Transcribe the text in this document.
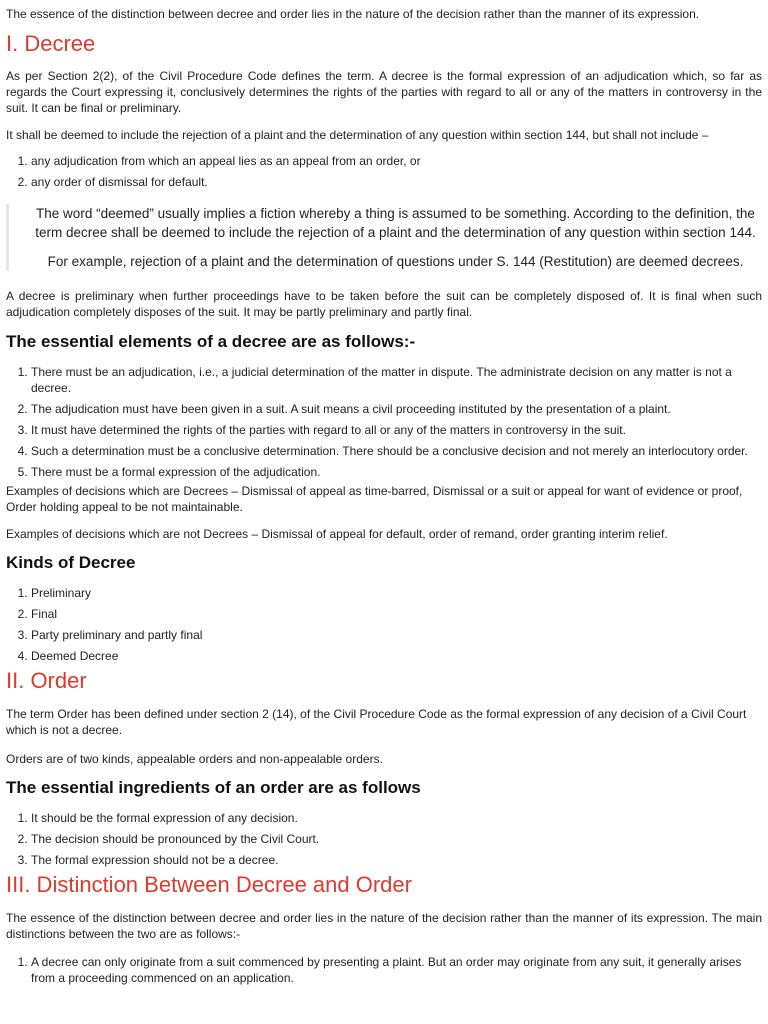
The essence of the distinction between decree and order lies in the nature of the decision rather than the manner of its expression.

I. Decree

As per Section 2(2), of the Civil Procedure Code defines the term. A decree is the formal expression of an adjudication which, so far as regards the Court expressing it, conclusively determines the rights of the parties with regard to all or any of the matters in controversy in the suit. It can be final or preliminary.

It shall be deemed to include the rejection of a plaint and the determination of any question within section 144, but shall not include –

1. any adjudication from which an appeal lies as an appeal from an order, or
2. any order of dismissal for default.

The word “deemed” usually implies a fiction whereby a thing is assumed to be something. According to the definition, the term decree shall be deemed to include the rejection of a plaint and the determination of any question within section 144.

For example, rejection of a plaint and the determination of questions under S. 144 (Restitution) are deemed decrees.

A decree is preliminary when further proceedings have to be taken before the suit can be completely disposed of. It is final when such adjudication completely disposes of the suit. It may be partly preliminary and partly final.

The essential elements of a decree are as follows:-
1. There must be an adjudication, i.e., a judicial determination of the matter in dispute. The administrate decision on any matter is not a decree.
2. The adjudication must have been given in a suit. A suit means a civil proceeding instituted by the presentation of a plaint.
3. It must have determined the rights of the parties with regard to all or any of the matters in controversy in the suit.
4. Such a determination must be a conclusive determination. There should be a conclusive decision and not merely an interlocutory order.
5. There must be a formal expression of the adjudication.

Examples of decisions which are Decrees – Dismissal of appeal as time-barred, Dismissal or a suit or appeal for want of evidence or proof, Order holding appeal to be not maintainable.

Examples of decisions which are not Decrees – Dismissal of appeal for default, order of remand, order granting interim relief.

Kinds of Decree
1. Preliminary
2. Final
3. Party preliminary and partly final
4. Deemed Decree
II. Order

The term Order has been defined under section 2 (14), of the Civil Procedure Code as the formal expression of any decision of a Civil Court which is not a decree.

Orders are of two kinds, appealable orders and non-appealable orders.

The essential ingredients of an order are as follows
1. It should be the formal expression of any decision.
2. The decision should be pronounced by the Civil Court.
3. The formal expression should not be a decree.
III. Distinction Between Decree and Order

The essence of the distinction between decree and order lies in the nature of the decision rather than the manner of its expression. The main distinctions between the two are as follows:-

1. A decree can only originate from a suit commenced by presenting a plaint. But an order may originate from any suit, it generally arises from a proceeding commenced on an application.
